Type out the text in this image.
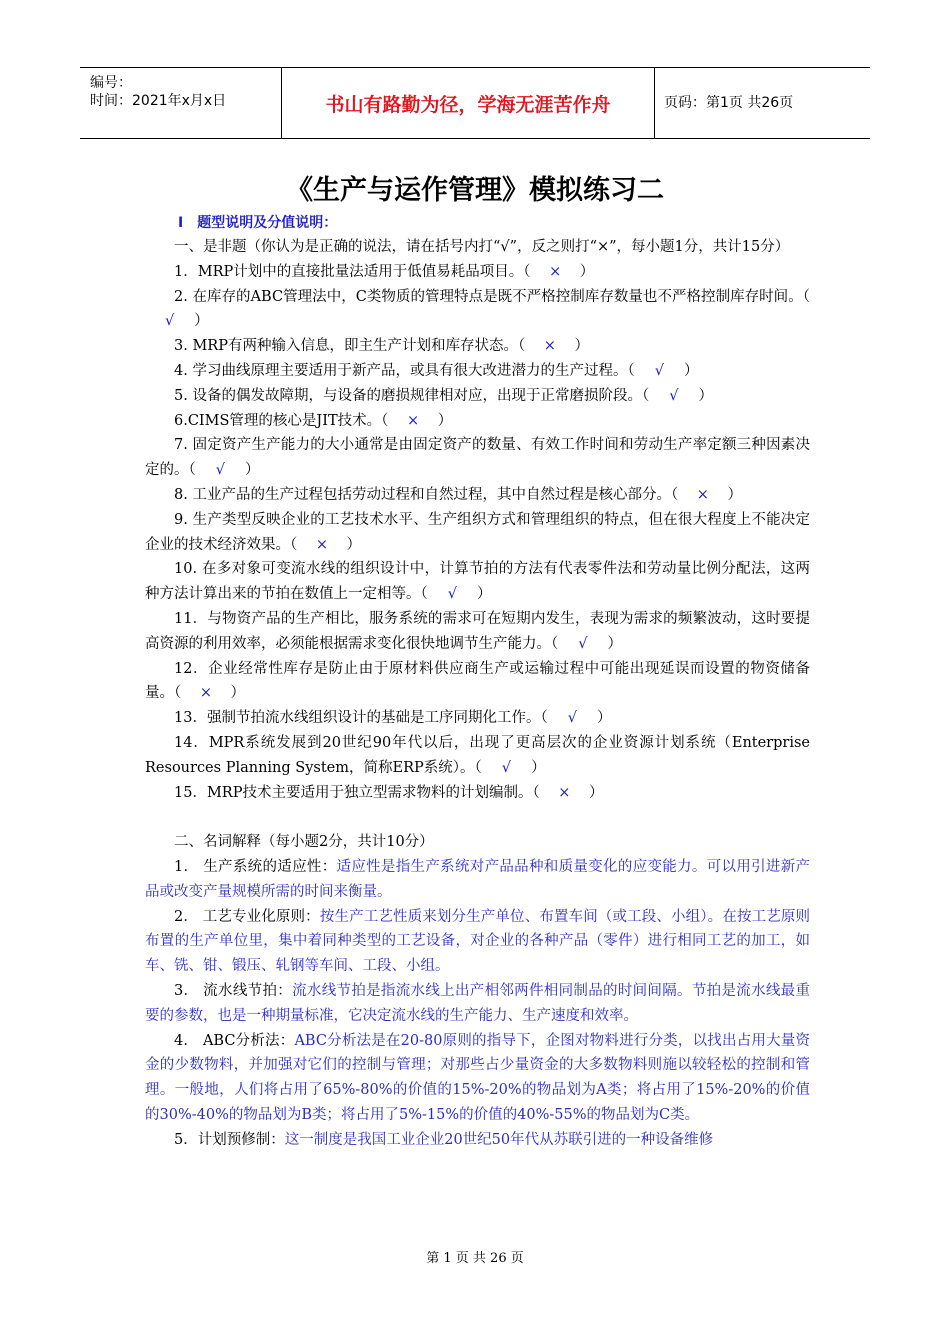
编号：
时间：2021年x月x日	书山有路勤为径，学海无涯苦作舟	页码：第1页 共26页
《生产与运作管理》模拟练习二
Ⅰ 题型说明及分值说明：

一、是非题（你认为是正确的说法，请在括号内打“√”，反之则打“×”，每小题1分，共计15分）

1．MRP计划中的直接批量法适用于低值易耗品项目。（ × ）

2. 在库存的ABC管理法中，C类物质的管理特点是既不严格控制库存数量也不严格控制库存时间。（√ ）

3. MRP有两种输入信息，即主生产计划和库存状态。（ × ）

4. 学习曲线原理主要适用于新产品，或具有很大改进潜力的生产过程。（ √ ）

5. 设备的偶发故障期，与设备的磨损规律相对应，出现于正常磨损阶段。（ √ ）

6.CIMS管理的核心是JIT技术。（ × ）

7. 固定资产生产能力的大小通常是由固定资产的数量、有效工作时间和劳动生产率定额三种因素决定的。（ √ ）

8. 工业产品的生产过程包括劳动过程和自然过程，其中自然过程是核心部分。（ × ）

9. 生产类型反映企业的工艺技术水平、生产组织方式和管理组织的特点，但在很大程度上不能决定企业的技术经济效果。（ × ）

10. 在多对象可变流水线的组织设计中，计算节拍的方法有代表零件法和劳动量比例分配法，这两种方法计算出来的节拍在数值上一定相等。（ √ ）

11．与物资产品的生产相比，服务系统的需求可在短期内发生，表现为需求的频繁波动，这时要提高资源的利用效率，必须能根据需求变化很快地调节生产能力。（ √ ）

12．企业经常性库存是防止由于原材料供应商生产或运输过程中可能出现延误而设置的物资储备量。（ × ）

13．强制节拍流水线组织设计的基础是工序同期化工作。（ √ ）

14．MPR系统发展到20世纪90年代以后，出现了更高层次的企业资源计划系统（Enterprise Resources Planning System，简称ERP系统）。（ √ ）

15．MRP技术主要适用于独立型需求物料的计划编制。（ × ）

二、名词解释（每小题2分，共计10分）

1． 生产系统的适应性：适应性是指生产系统对产品品种和质量变化的应变能力。可以用引进新产品或改变产量规模所需的时间来衡量。

2． 工艺专业化原则：按生产工艺性质来划分生产单位、布置车间（或工段、小组）。在按工艺原则布置的生产单位里，集中着同种类型的工艺设备，对企业的各种产品（零件）进行相同工艺的加工，如车、铣、钳、锻压、轧钢等车间、工段、小组。

3． 流水线节拍：流水线节拍是指流水线上出产相邻两件相同制品的时间间隔。节拍是流水线最重要的参数，也是一种期量标准，它决定流水线的生产能力、生产速度和效率。

4． ABC分析法：ABC分析法是在20-80原则的指导下，企图对物料进行分类，以找出占用大量资金的少数物料，并加强对它们的控制与管理；对那些占少量资金的大多数物料则施以较轻松的控制和管理。一般地，人们将占用了65%-80%的价值的15%-20%的物品划为A类；将占用了15%-20%的价值的30%-40%的物品划为B类；将占用了5%-15%的价值的40%-55%的物品划为C类。

5．计划预修制：这一制度是我国工业企业20世纪50年代从苏联引进的一种设备维修

第 1 页 共 26 页
